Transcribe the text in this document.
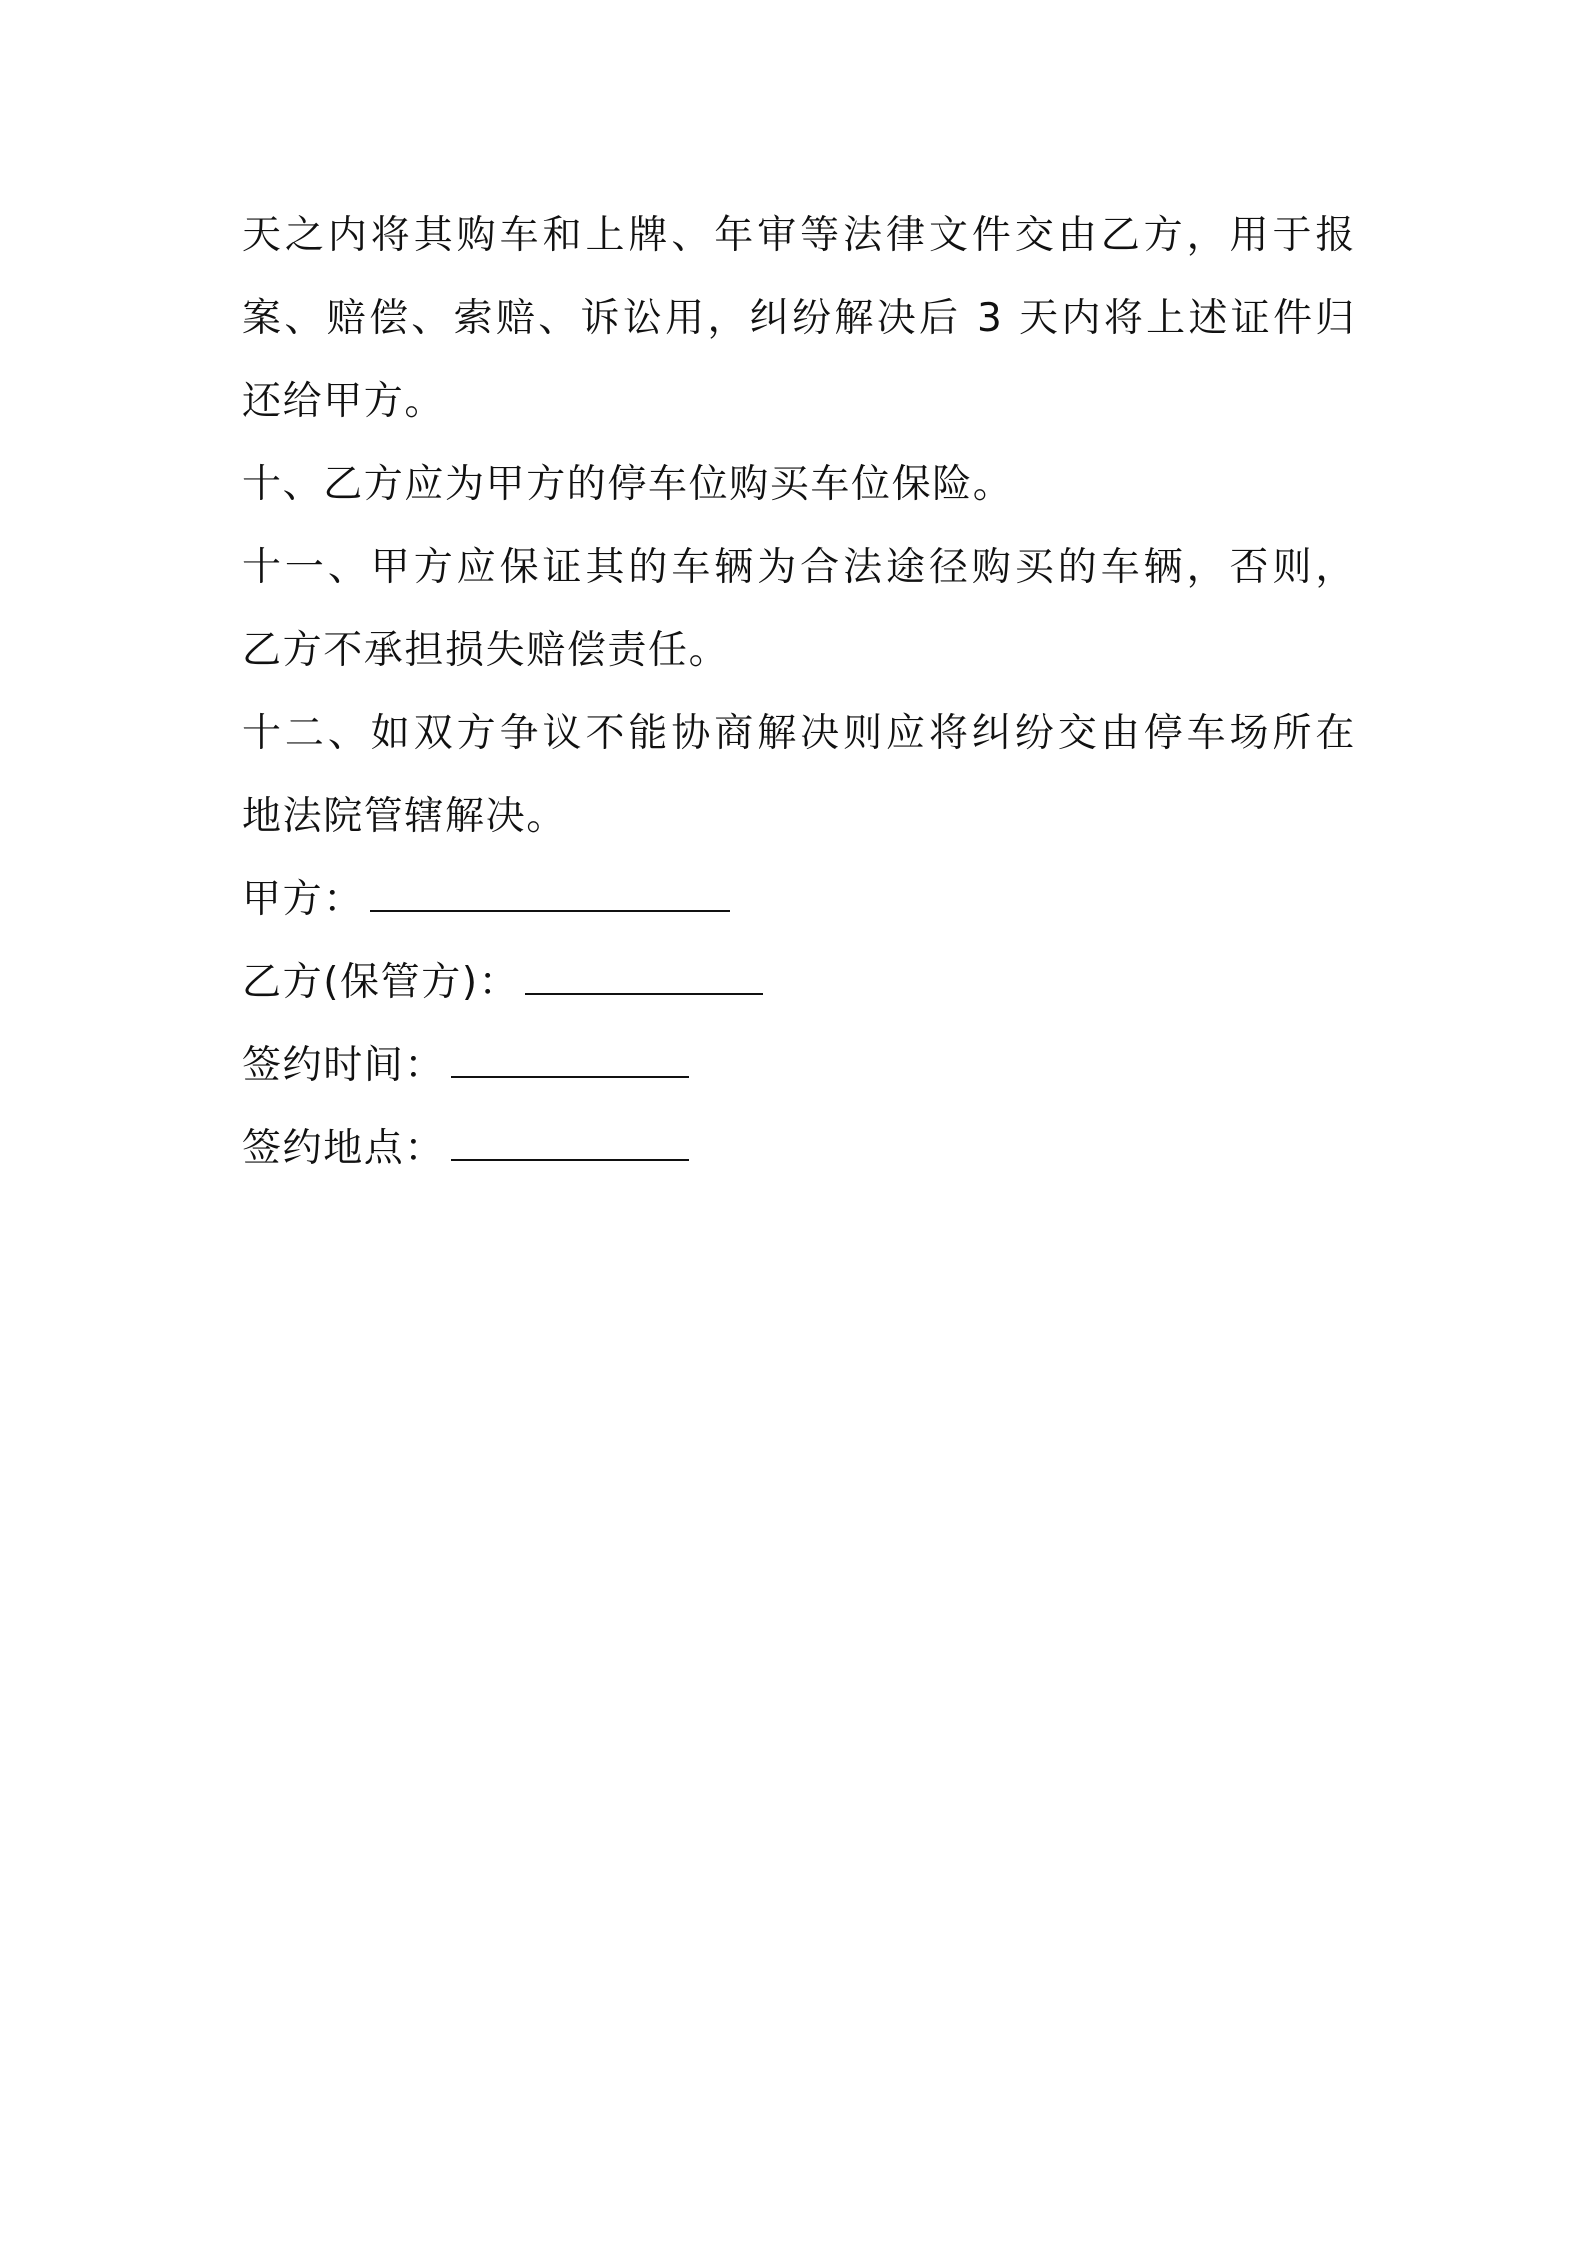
天之内将其购车和上牌、年审等法律文件交由乙方，用于报
案、赔偿、索赔、诉讼用，纠纷解决后 3 天内将上述证件归
还给甲方。
十、乙方应为甲方的停车位购买车位保险。
十一、甲方应保证其的车辆为合法途径购买的车辆，否则，
乙方不承担损失赔偿责任。
十二、如双方争议不能协商解决则应将纠纷交由停车场所在
地法院管辖解决。
甲方：
乙方(保管方)：
签约时间：
签约地点：
